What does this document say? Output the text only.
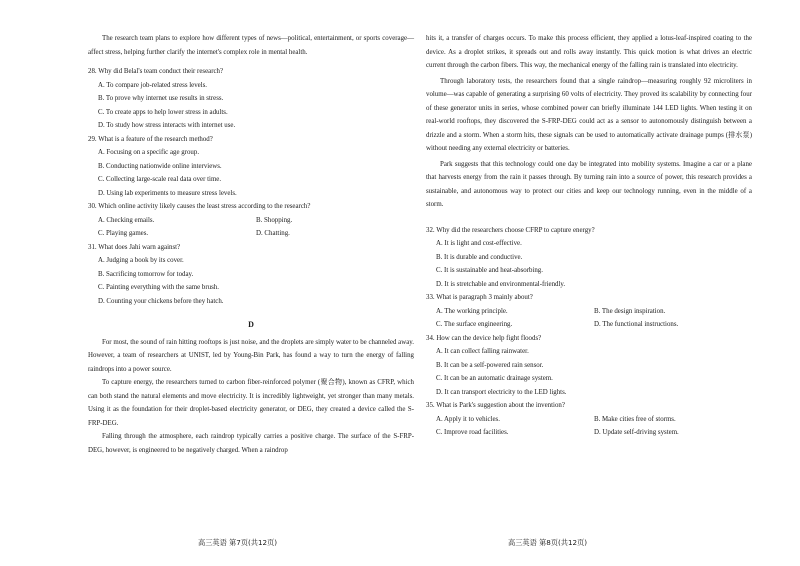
The research team plans to explore how different types of news—political, entertainment, or sports coverage—affect stress, helping further clarify the internet's complex role in mental health.

28. Why did Belal's team conduct their research?

A. To compare job-related stress levels.

B. To prove why internet use results in stress.

C. To create apps to help lower stress in adults.

D. To study how stress interacts with internet use.

29. What is a feature of the research method?

A. Focusing on a specific age group.

B. Conducting nationwide online interviews.

C. Collecting large-scale real data over time.

D. Using lab experiments to measure stress levels.

30. Which online activity likely causes the least stress according to the research?

A. Checking emails.	B. Shopping.
C. Playing games.	D. Chatting.

31. What does Jahi warn against?

A. Judging a book by its cover.

B. Sacrificing tomorrow for today.

C. Painting everything with the same brush.

D. Counting your chickens before they hatch.

D

For most, the sound of rain hitting rooftops is just noise, and the droplets are simply water to be channeled away. However, a team of researchers at UNIST, led by Young-Bin Park, has found a way to turn the energy of falling raindrops into a power source.

To capture energy, the researchers turned to carbon fiber-reinforced polymer (聚合物), known as CFRP, which can both stand the natural elements and move electricity. It is incredibly lightweight, yet stronger than many metals. Using it as the foundation for their droplet-based electricity generator, or DEG, they created a device called the S-FRP-DEG.

Falling through the atmosphere, each raindrop typically carries a positive charge. The surface of the S-FRP-DEG, however, is engineered to be negatively charged. When a raindrop

高三英语 第7页(共12页)

hits it, a transfer of charges occurs. To make this process efficient, they applied a lotus-leaf-inspired coating to the device. As a droplet strikes, it spreads out and rolls away instantly. This quick motion is what drives an electric current through the carbon fibers. This way, the mechanical energy of the falling rain is translated into electricity.

Through laboratory tests, the researchers found that a single raindrop—measuring roughly 92 microliters in volume—was capable of generating a surprising 60 volts of electricity. They proved its scalability by connecting four of these generator units in series, whose combined power can briefly illuminate 144 LED lights. When testing it on real-world rooftops, they discovered the S-FRP-DEG could act as a sensor to autonomously distinguish between a drizzle and a storm. When a storm hits, these signals can be used to automatically activate drainage pumps (排水泵) without needing any external electricity or batteries.

Park suggests that this technology could one day be integrated into mobility systems. Imagine a car or a plane that harvests energy from the rain it passes through. By turning rain into a source of power, this research provides a sustainable, and autonomous way to protect our cities and keep our technology running, even in the middle of a storm.

32. Why did the researchers choose CFRP to capture energy?

A. It is light and cost-effective.

B. It is durable and conductive.

C. It is sustainable and heat-absorbing.

D. It is stretchable and environmental-friendly.

33. What is paragraph 3 mainly about?

A. The working principle.	B. The design inspiration.
C. The surface engineering.	D. The functional instructions.

34. How can the device help fight floods?

A. It can collect falling rainwater.

B. It can be a self-powered rain sensor.

C. It can be an automatic drainage system.

D. It can transport electricity to the LED lights.

35. What is Park's suggestion about the invention?

A. Apply it to vehicles.	B. Make cities free of storms.
C. Improve road facilities.	D. Update self-driving system.
高三英语 第8页(共12页)
